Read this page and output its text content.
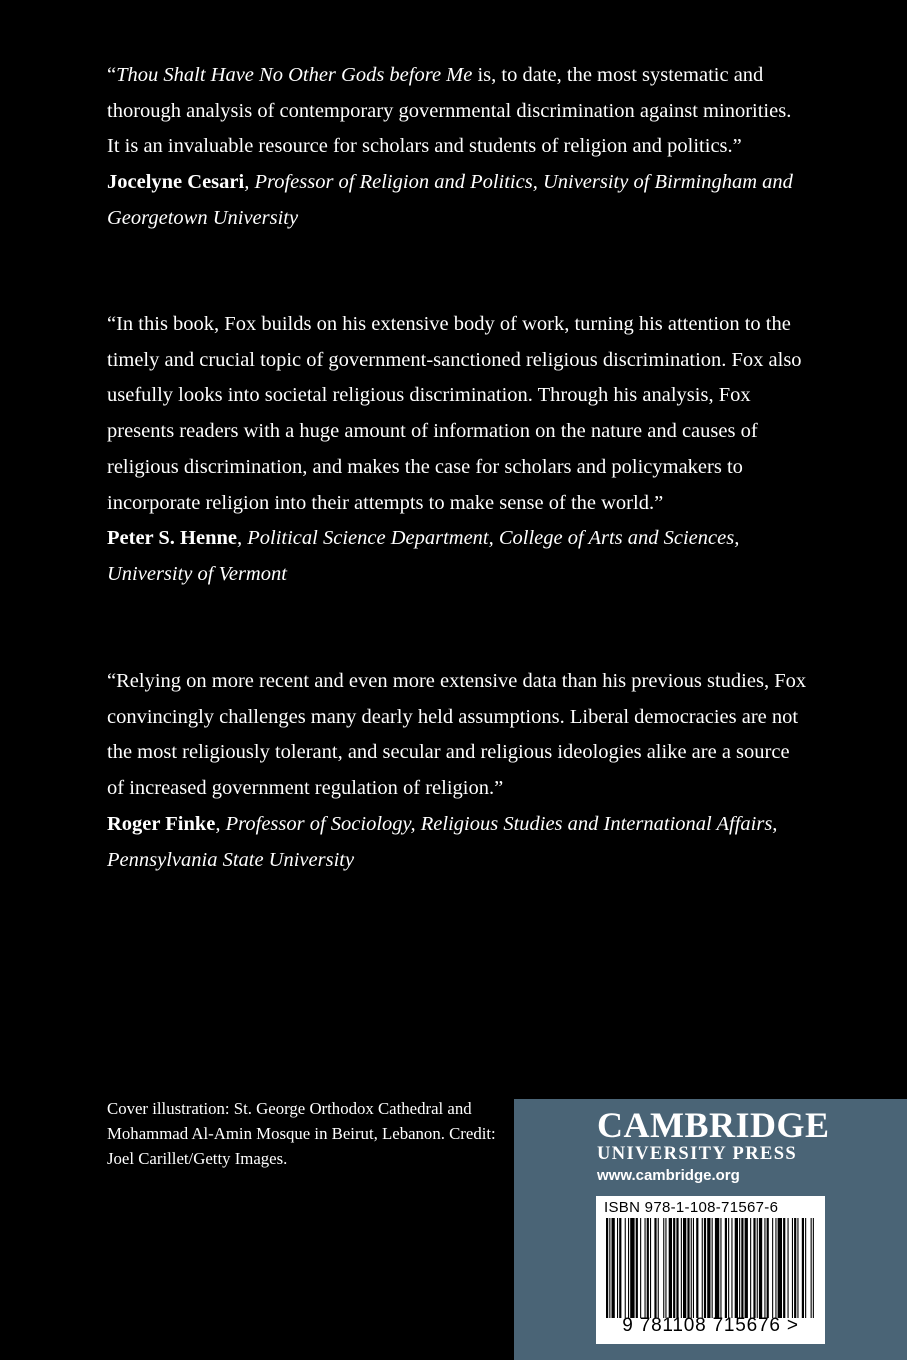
“Thou Shalt Have No Other Gods before Me is, to date, the most systematic and thorough analysis of contemporary governmental discrimination against minorities. It is an invaluable resource for scholars and students of religion and politics.”

Jocelyne Cesari, Professor of Religion and Politics, University of Birmingham and Georgetown University

“In this book, Fox builds on his extensive body of work, turning his attention to the timely and crucial topic of government-sanctioned religious discrimination. Fox also usefully looks into societal religious discrimination. Through his analysis, Fox presents readers with a huge amount of information on the nature and causes of religious discrimination, and makes the case for scholars and policymakers to incorporate religion into their attempts to make sense of the world.”

Peter S. Henne, Political Science Department, College of Arts and Sciences, University of Vermont

“Relying on more recent and even more extensive data than his previous studies, Fox convincingly challenges many dearly held assumptions. Liberal democracies are not the most religiously tolerant, and secular and religious ideologies alike are a source of increased government regulation of religion.”

Roger Finke, Professor of Sociology, Religious Studies and International Affairs, Pennsylvania State University

Cover illustration: St. George Orthodox Cathedral and Mohammad Al-Amin Mosque in Beirut, Lebanon. Credit: Joel Carillet/Getty Images.
CAMBRIDGE
UNIVERSITY PRESS
www.cambridge.org
ISBN 978-1-108-71567-6
9 781108 715676 >
